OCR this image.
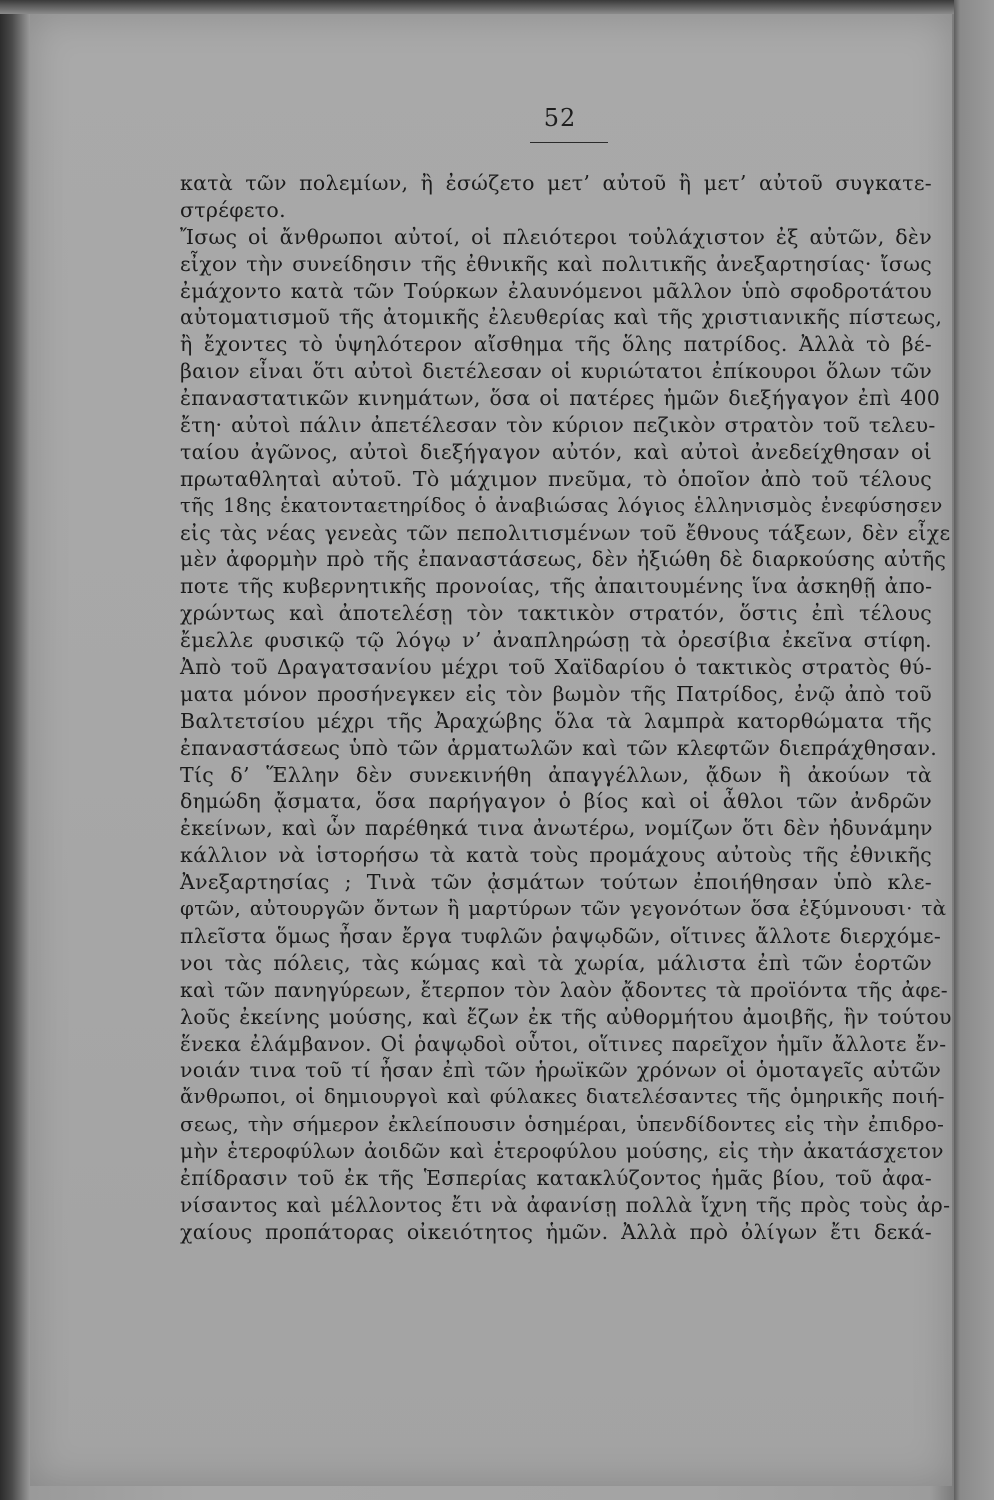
52
κατὰ τῶν πολεμίων, ἢ ἐσώζετο μετ’ αὐτοῦ ἢ μετ’ αὐτοῦ συγκατε-
στρέφετο.
Ἴσως οἱ ἄνθρωποι αὐτοί, οἱ πλειότεροι τοὐλάχιστον ἐξ αὐτῶν, δὲν
εἶχον τὴν συνείδησιν τῆς ἐθνικῆς καὶ πολιτικῆς ἀνεξαρτησίας· ἴσως
ἐμάχοντο κατὰ τῶν Τούρκων ἐλαυνόμενοι μᾶλλον ὑπὸ σφοδροτάτου
αὐτοματισμοῦ τῆς ἀτομικῆς ἐλευθερίας καὶ τῆς χριστιανικῆς πίστεως,
ἢ ἔχοντες τὸ ὑψηλότερον αἴσθημα τῆς ὅλης πατρίδος. Ἀλλὰ τὸ βέ-
βαιον εἶναι ὅτι αὐτοὶ διετέλεσαν οἱ κυριώτατοι ἐπίκουροι ὅλων τῶν
ἐπαναστατικῶν κινημάτων, ὅσα οἱ πατέρες ἡμῶν διεξήγαγον ἐπὶ 400
ἔτη· αὐτοὶ πάλιν ἀπετέλεσαν τὸν κύριον πεζικὸν στρατὸν τοῦ τελευ-
ταίου ἀγῶνος, αὐτοὶ διεξήγαγον αὐτόν, καὶ αὐτοὶ ἀνεδείχθησαν οἱ
πρωταθληταὶ αὐτοῦ. Τὸ μάχιμον πνεῦμα, τὸ ὁποῖον ἀπὸ τοῦ τέλους
τῆς 18ης ἑκατονταετηρίδος ὁ ἀναβιώσας λόγιος ἑλληνισμὸς ἐνεφύσησεν
εἰς τὰς νέας γενεὰς τῶν πεπολιτισμένων τοῦ ἔθνους τάξεων, δὲν εἶχε
μὲν ἀφορμὴν πρὸ τῆς ἐπαναστάσεως, δὲν ἠξιώθη δὲ διαρκούσης αὐτῆς
ποτε τῆς κυβερνητικῆς προνοίας, τῆς ἀπαιτουμένης ἵνα ἀσκηθῇ ἀπο-
χρώντως καὶ ἀποτελέσῃ τὸν τακτικὸν στρατόν, ὅστις ἐπὶ τέλους
ἔμελλε φυσικῷ τῷ λόγῳ ν’ ἀναπληρώσῃ τὰ ὀρεσίβια ἐκεῖνα στίφη.
Ἀπὸ τοῦ Δραγατσανίου μέχρι τοῦ Χαϊδαρίου ὁ τακτικὸς στρατὸς θύ-
ματα μόνον προσήνεγκεν εἰς τὸν βωμὸν τῆς Πατρίδος, ἐνῷ ἀπὸ τοῦ
Βαλτετσίου μέχρι τῆς Ἀραχώβης ὅλα τὰ λαμπρὰ κατορθώματα τῆς
ἐπαναστάσεως ὑπὸ τῶν ἁρματωλῶν καὶ τῶν κλεφτῶν διεπράχθησαν.
Τίς δ’ Ἕλλην δὲν συνεκινήθη ἀπαγγέλλων, ᾄδων ἢ ἀκούων τὰ
δημώδη ᾄσματα, ὅσα παρήγαγον ὁ βίος καὶ οἱ ἆθλοι τῶν ἀνδρῶν
ἐκείνων, καὶ ὧν παρέθηκά τινα ἀνωτέρω, νομίζων ὅτι δὲν ἠδυνάμην
κάλλιον νὰ ἱστορήσω τὰ κατὰ τοὺς προμάχους αὐτοὺς τῆς ἐθνικῆς
Ἀνεξαρτησίας ; Τινὰ τῶν ᾀσμάτων τούτων ἐποιήθησαν ὑπὸ κλε-
φτῶν, αὐτουργῶν ὄντων ἢ μαρτύρων τῶν γεγονότων ὅσα ἐξύμνουσι· τὰ
πλεῖστα ὅμως ἦσαν ἔργα τυφλῶν ῥαψῳδῶν, οἵτινες ἄλλοτε διερχόμε-
νοι τὰς πόλεις, τὰς κώμας καὶ τὰ χωρία, μάλιστα ἐπὶ τῶν ἑορτῶν
καὶ τῶν πανηγύρεων, ἔτερπον τὸν λαὸν ᾄδοντες τὰ προϊόντα τῆς ἀφε-
λοῦς ἐκείνης μούσης, καὶ ἔζων ἐκ τῆς αὐθορμήτου ἀμοιβῆς, ἣν τούτου
ἕνεκα ἐλάμβανον. Οἱ ῥαψῳδοὶ οὗτοι, οἵτινες παρεῖχον ἡμῖν ἄλλοτε ἔν-
νοιάν τινα τοῦ τί ἦσαν ἐπὶ τῶν ἡρωϊκῶν χρόνων οἱ ὁμοταγεῖς αὐτῶν
ἄνθρωποι, οἱ δημιουργοὶ καὶ φύλακες διατελέσαντες τῆς ὁμηρικῆς ποιή-
σεως, τὴν σήμερον ἐκλείπουσιν ὁσημέραι, ὑπενδίδοντες εἰς τὴν ἐπιδρο-
μὴν ἑτεροφύλων ἀοιδῶν καὶ ἑτεροφύλου μούσης, εἰς τὴν ἀκατάσχετον
ἐπίδρασιν τοῦ ἐκ τῆς Ἑσπερίας κατακλύζοντος ἡμᾶς βίου, τοῦ ἀφα-
νίσαντος καὶ μέλλοντος ἔτι νὰ ἀφανίσῃ πολλὰ ἴχνη τῆς πρὸς τοὺς ἀρ-
χαίους προπάτορας οἰκειότητος ἡμῶν. Ἀλλὰ πρὸ ὀλίγων ἔτι δεκά-
